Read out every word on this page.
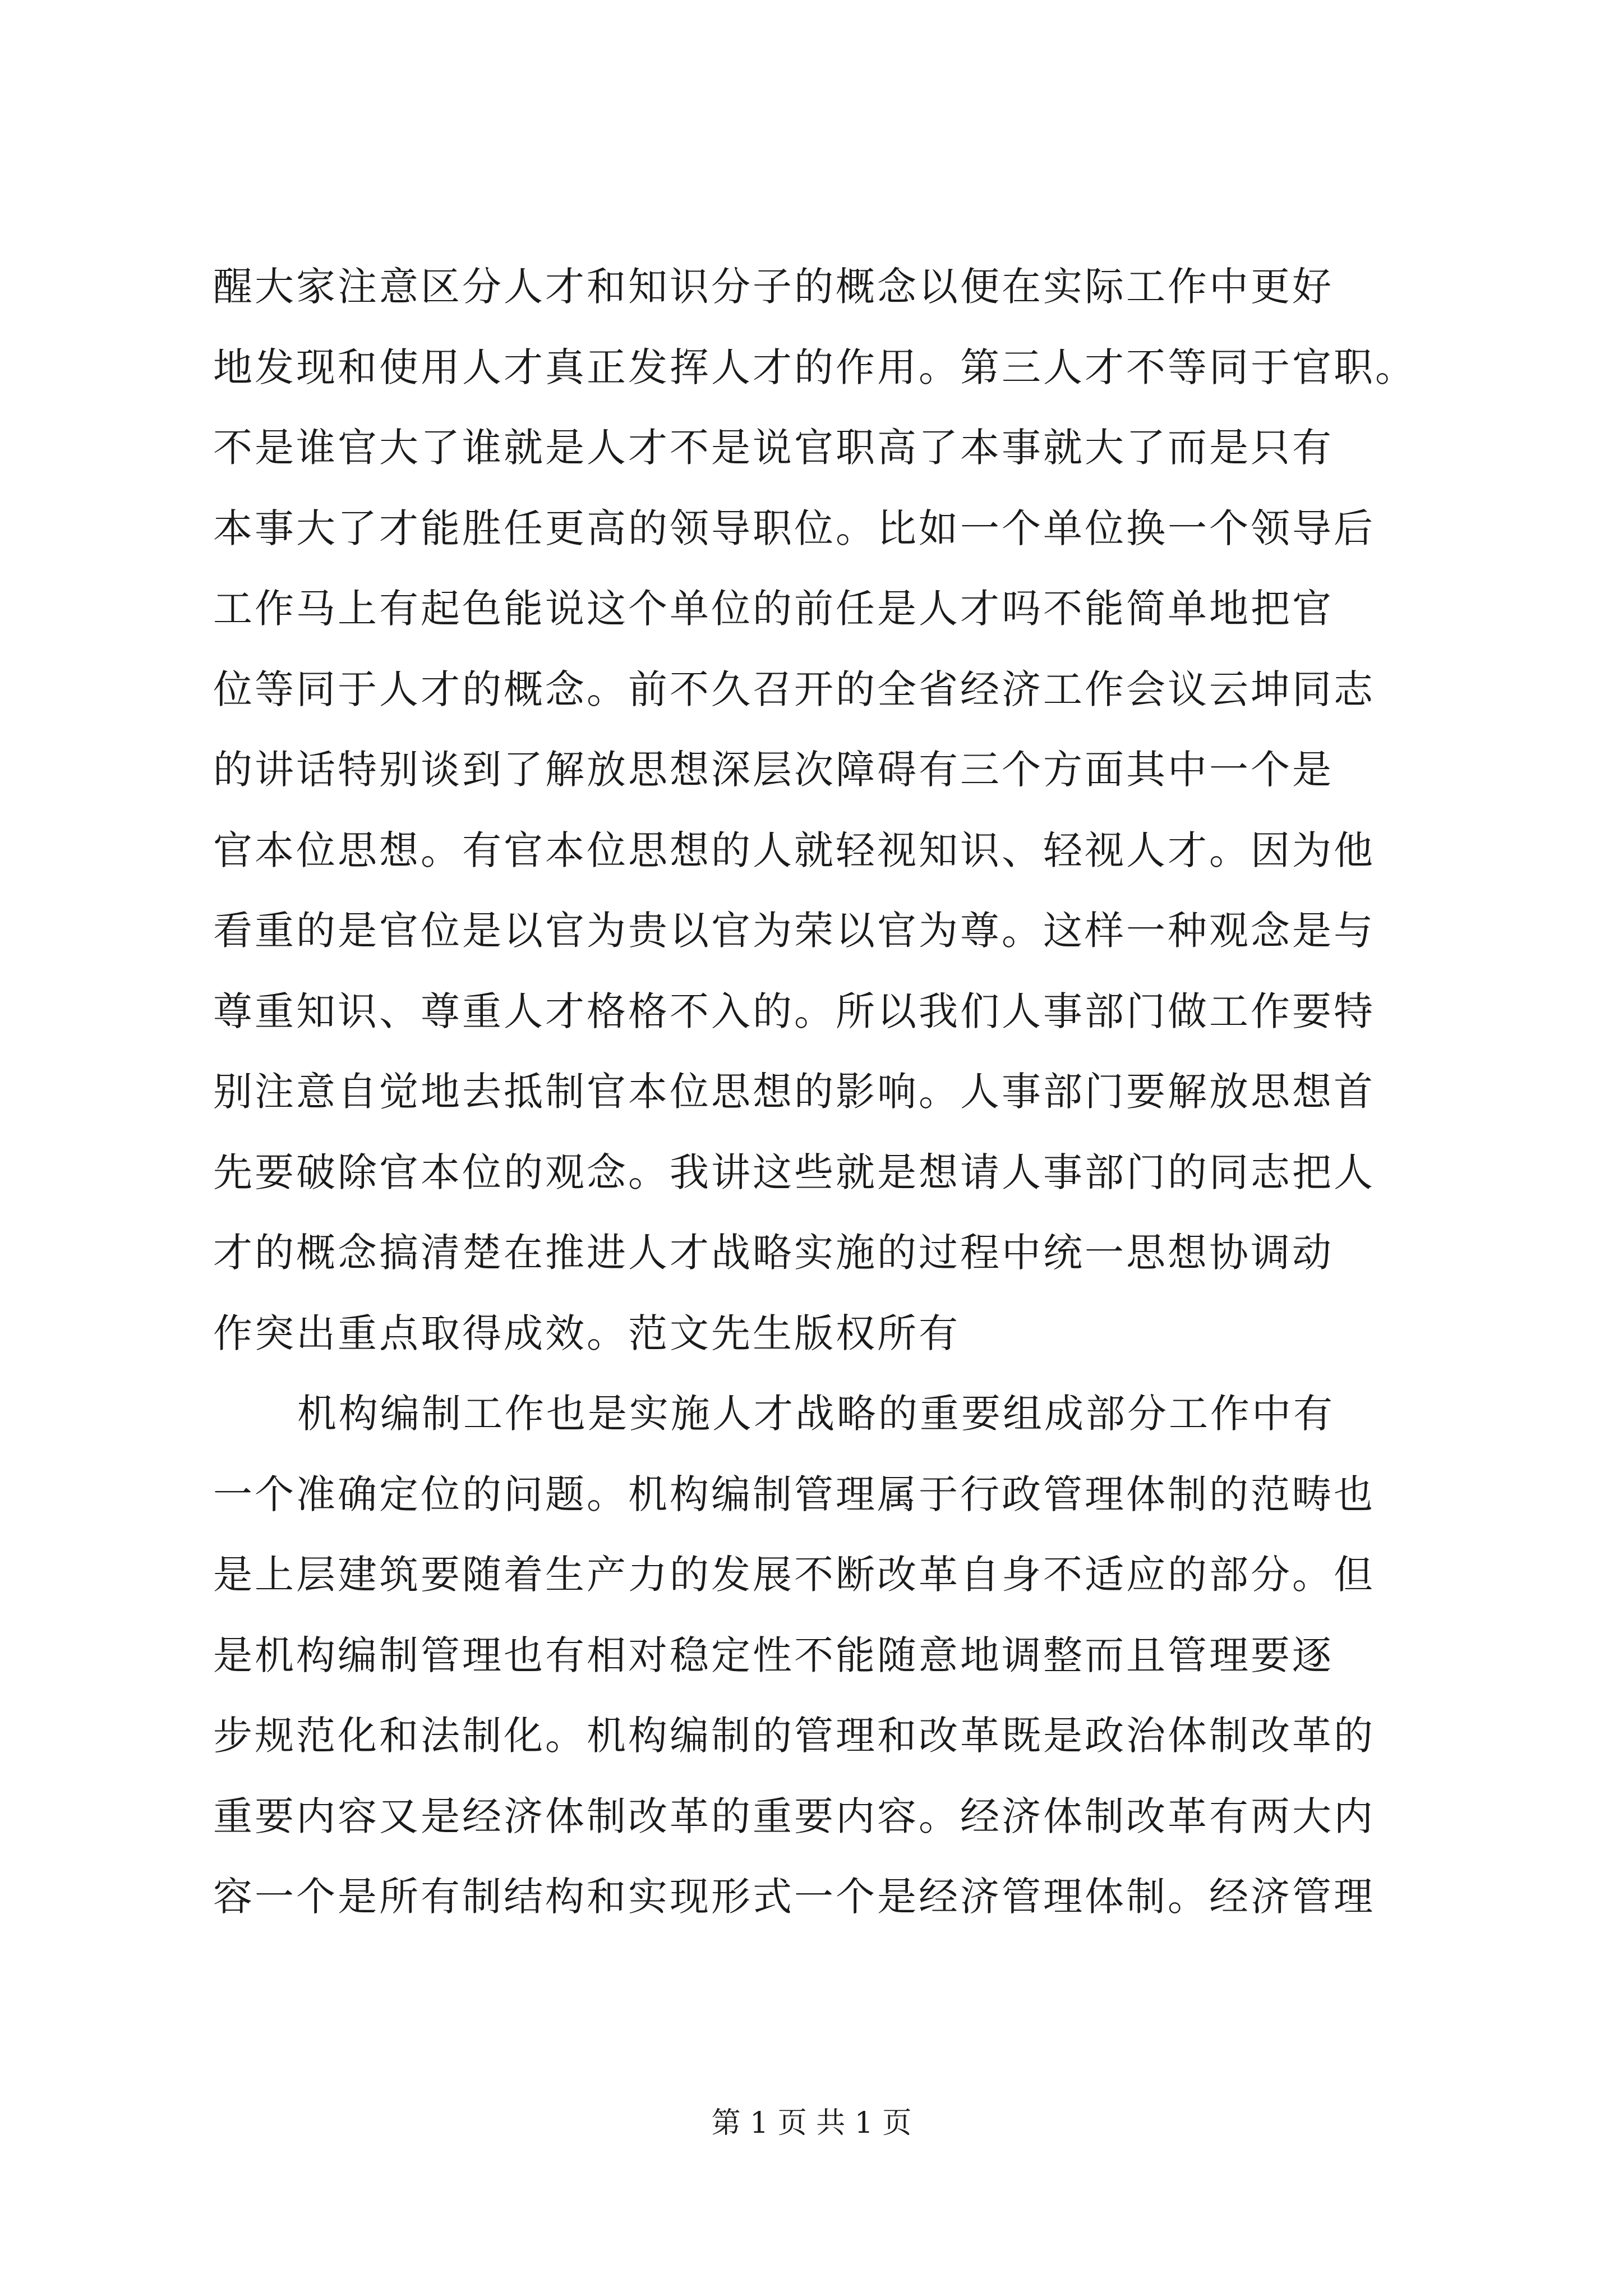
醒大家注意区分人才和知识分子的概念以便在实际工作中更好
地发现和使用人才真正发挥人才的作用。第三人才不等同于官职。
不是谁官大了谁就是人才不是说官职高了本事就大了而是只有
本事大了才能胜任更高的领导职位。比如一个单位换一个领导后
工作马上有起色能说这个单位的前任是人才吗不能简单地把官
位等同于人才的概念。前不久召开的全省经济工作会议云坤同志
的讲话特别谈到了解放思想深层次障碍有三个方面其中一个是
官本位思想。有官本位思想的人就轻视知识、轻视人才。因为他
看重的是官位是以官为贵以官为荣以官为尊。这样一种观念是与
尊重知识、尊重人才格格不入的。所以我们人事部门做工作要特
别注意自觉地去抵制官本位思想的影响。人事部门要解放思想首
先要破除官本位的观念。我讲这些就是想请人事部门的同志把人
才的概念搞清楚在推进人才战略实施的过程中统一思想协调动
作突出重点取得成效。范文先生版权所有
机构编制工作也是实施人才战略的重要组成部分工作中有
一个准确定位的问题。机构编制管理属于行政管理体制的范畴也
是上层建筑要随着生产力的发展不断改革自身不适应的部分。但
是机构编制管理也有相对稳定性不能随意地调整而且管理要逐
步规范化和法制化。机构编制的管理和改革既是政治体制改革的
重要内容又是经济体制改革的重要内容。经济体制改革有两大内
容一个是所有制结构和实现形式一个是经济管理体制。经济管理
第 1 页 共 1 页
